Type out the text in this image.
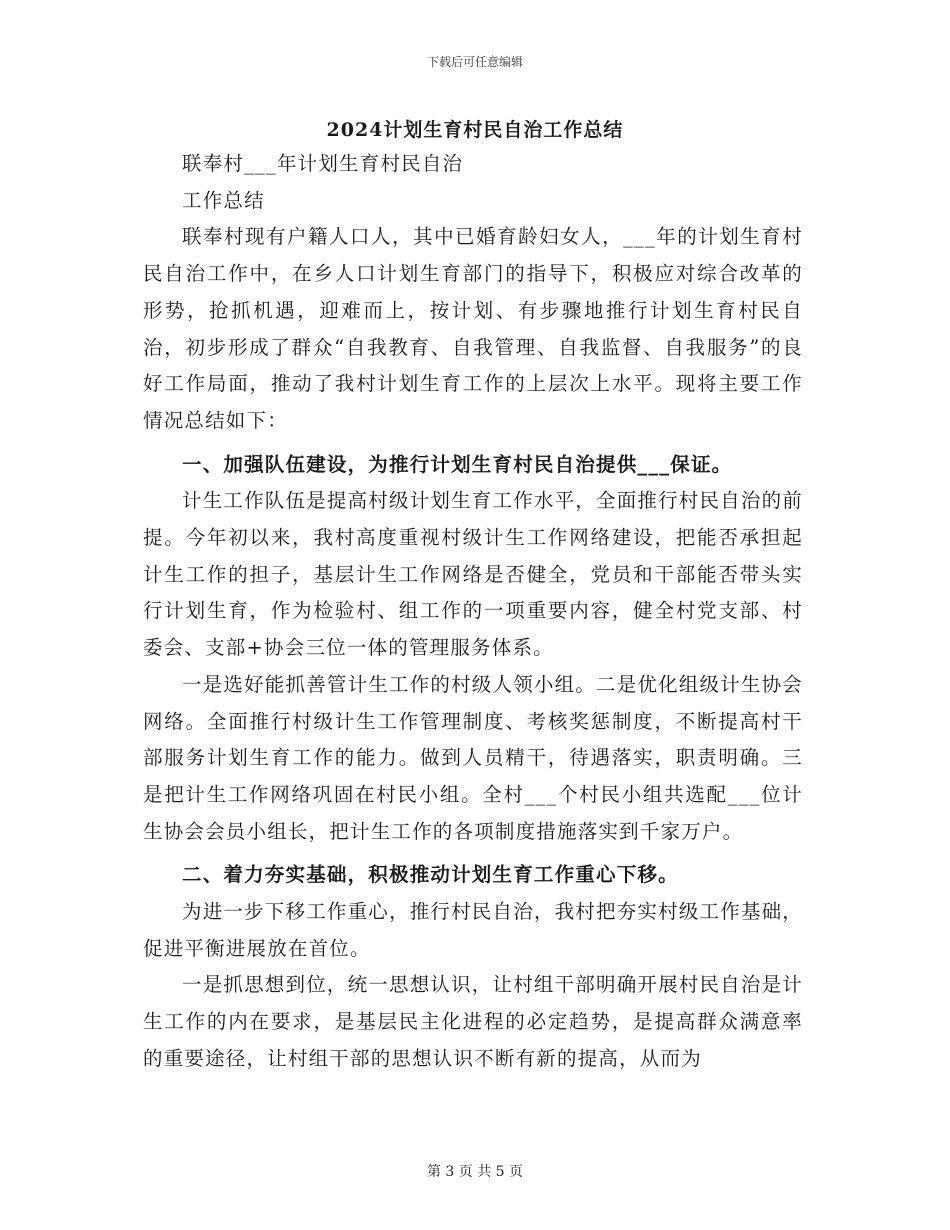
下载后可任意编辑
2024计划生育村民自治工作总结

联奉村___年计划生育村民自治

工作总结

联奉村现有户籍人口人，其中已婚育龄妇女人，___年的计划生育村民自治工作中，在乡人口计划生育部门的指导下，积极应对综合改革的形势，抢抓机遇，迎难而上，按计划、有步骤地推行计划生育村民自治，初步形成了群众“自我教育、自我管理、自我监督、自我服务”的良好工作局面，推动了我村计划生育工作的上层次上水平。现将主要工作情况总结如下：

一、加强队伍建设，为推行计划生育村民自治提供___保证。

计生工作队伍是提高村级计划生育工作水平，全面推行村民自治的前提。今年初以来，我村高度重视村级计生工作网络建设，把能否承担起计生工作的担子，基层计生工作网络是否健全，党员和干部能否带头实行计划生育，作为检验村、组工作的一项重要内容，健全村党支部、村委会、支部+协会三位一体的管理服务体系。

一是选好能抓善管计生工作的村级人领小组。二是优化组级计生协会网络。全面推行村级计生工作管理制度、考核奖惩制度，不断提高村干部服务计划生育工作的能力。做到人员精干，待遇落实，职责明确。三是把计生工作网络巩固在村民小组。全村___个村民小组共选配___位计生协会会员小组长，把计生工作的各项制度措施落实到千家万户。

二、着力夯实基础，积极推动计划生育工作重心下移。

为进一步下移工作重心，推行村民自治，我村把夯实村级工作基础，促进平衡进展放在首位。

一是抓思想到位，统一思想认识，让村组干部明确开展村民自治是计生工作的内在要求，是基层民主化进程的必定趋势，是提高群众满意率的重要途径，让村组干部的思想认识不断有新的提高，从而为

第 3 页 共 5 页
